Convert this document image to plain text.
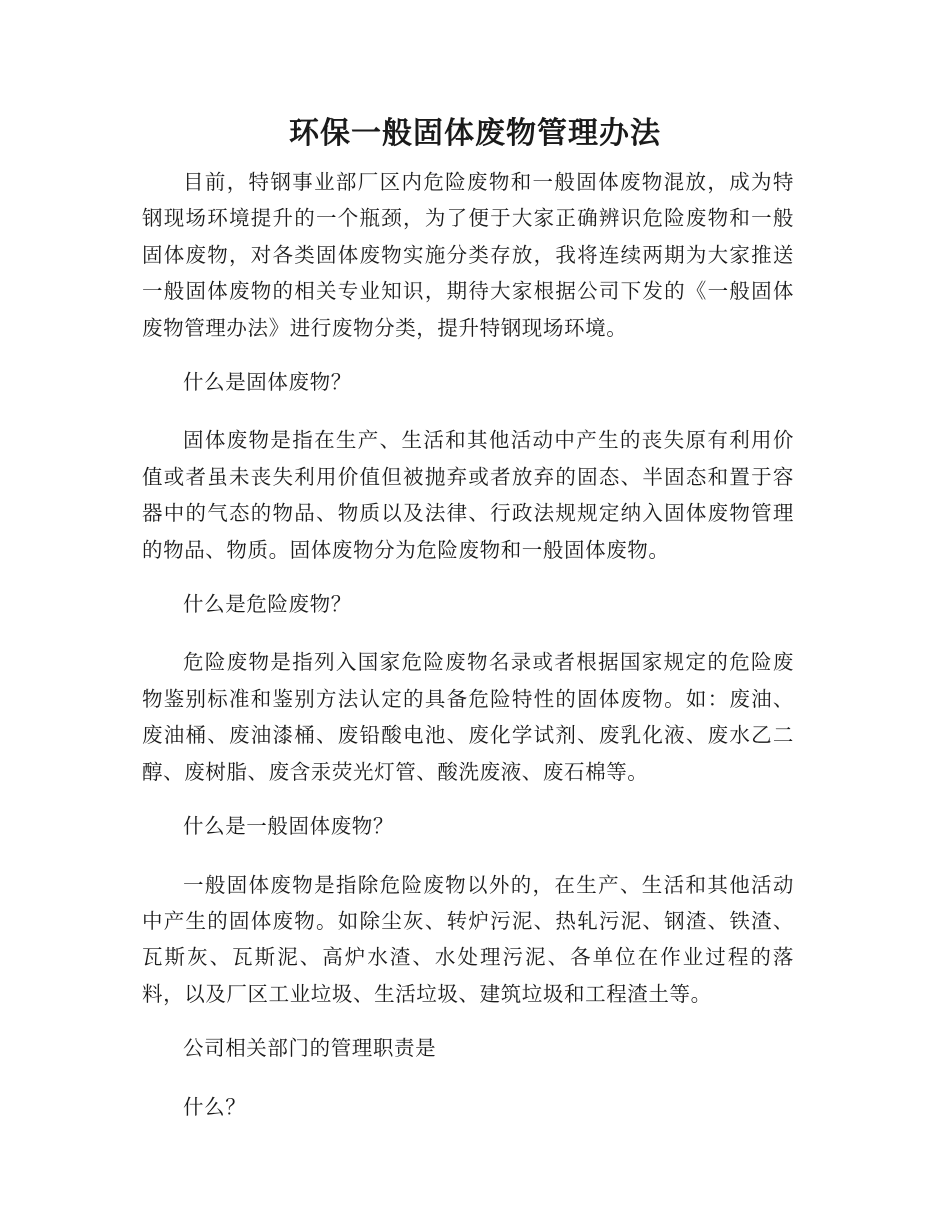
环保一般固体废物管理办法

目前，特钢事业部厂区内危险废物和一般固体废物混放，成为特钢现场环境提升的一个瓶颈，为了便于大家正确辨识危险废物和一般固体废物，对各类固体废物实施分类存放，我将连续两期为大家推送一般固体废物的相关专业知识，期待大家根据公司下发的《一般固体废物管理办法》进行废物分类，提升特钢现场环境。

什么是固体废物？

固体废物是指在生产、生活和其他活动中产生的丧失原有利用价值或者虽未丧失利用价值但被抛弃或者放弃的固态、半固态和置于容器中的气态的物品、物质以及法律、行政法规规定纳入固体废物管理的物品、物质。固体废物分为危险废物和一般固体废物。

什么是危险废物？

危险废物是指列入国家危险废物名录或者根据国家规定的危险废物鉴别标准和鉴别方法认定的具备危险特性的固体废物。如：废油、废油桶、废油漆桶、废铅酸电池、废化学试剂、废乳化液、废水乙二醇、废树脂、废含汞荧光灯管、酸洗废液、废石棉等。

什么是一般固体废物？

一般固体废物是指除危险废物以外的，在生产、生活和其他活动中产生的固体废物。如除尘灰、转炉污泥、热轧污泥、钢渣、铁渣、瓦斯灰、瓦斯泥、高炉水渣、水处理污泥、各单位在作业过程的落料，以及厂区工业垃圾、生活垃圾、建筑垃圾和工程渣土等。

公司相关部门的管理职责是

什么？
